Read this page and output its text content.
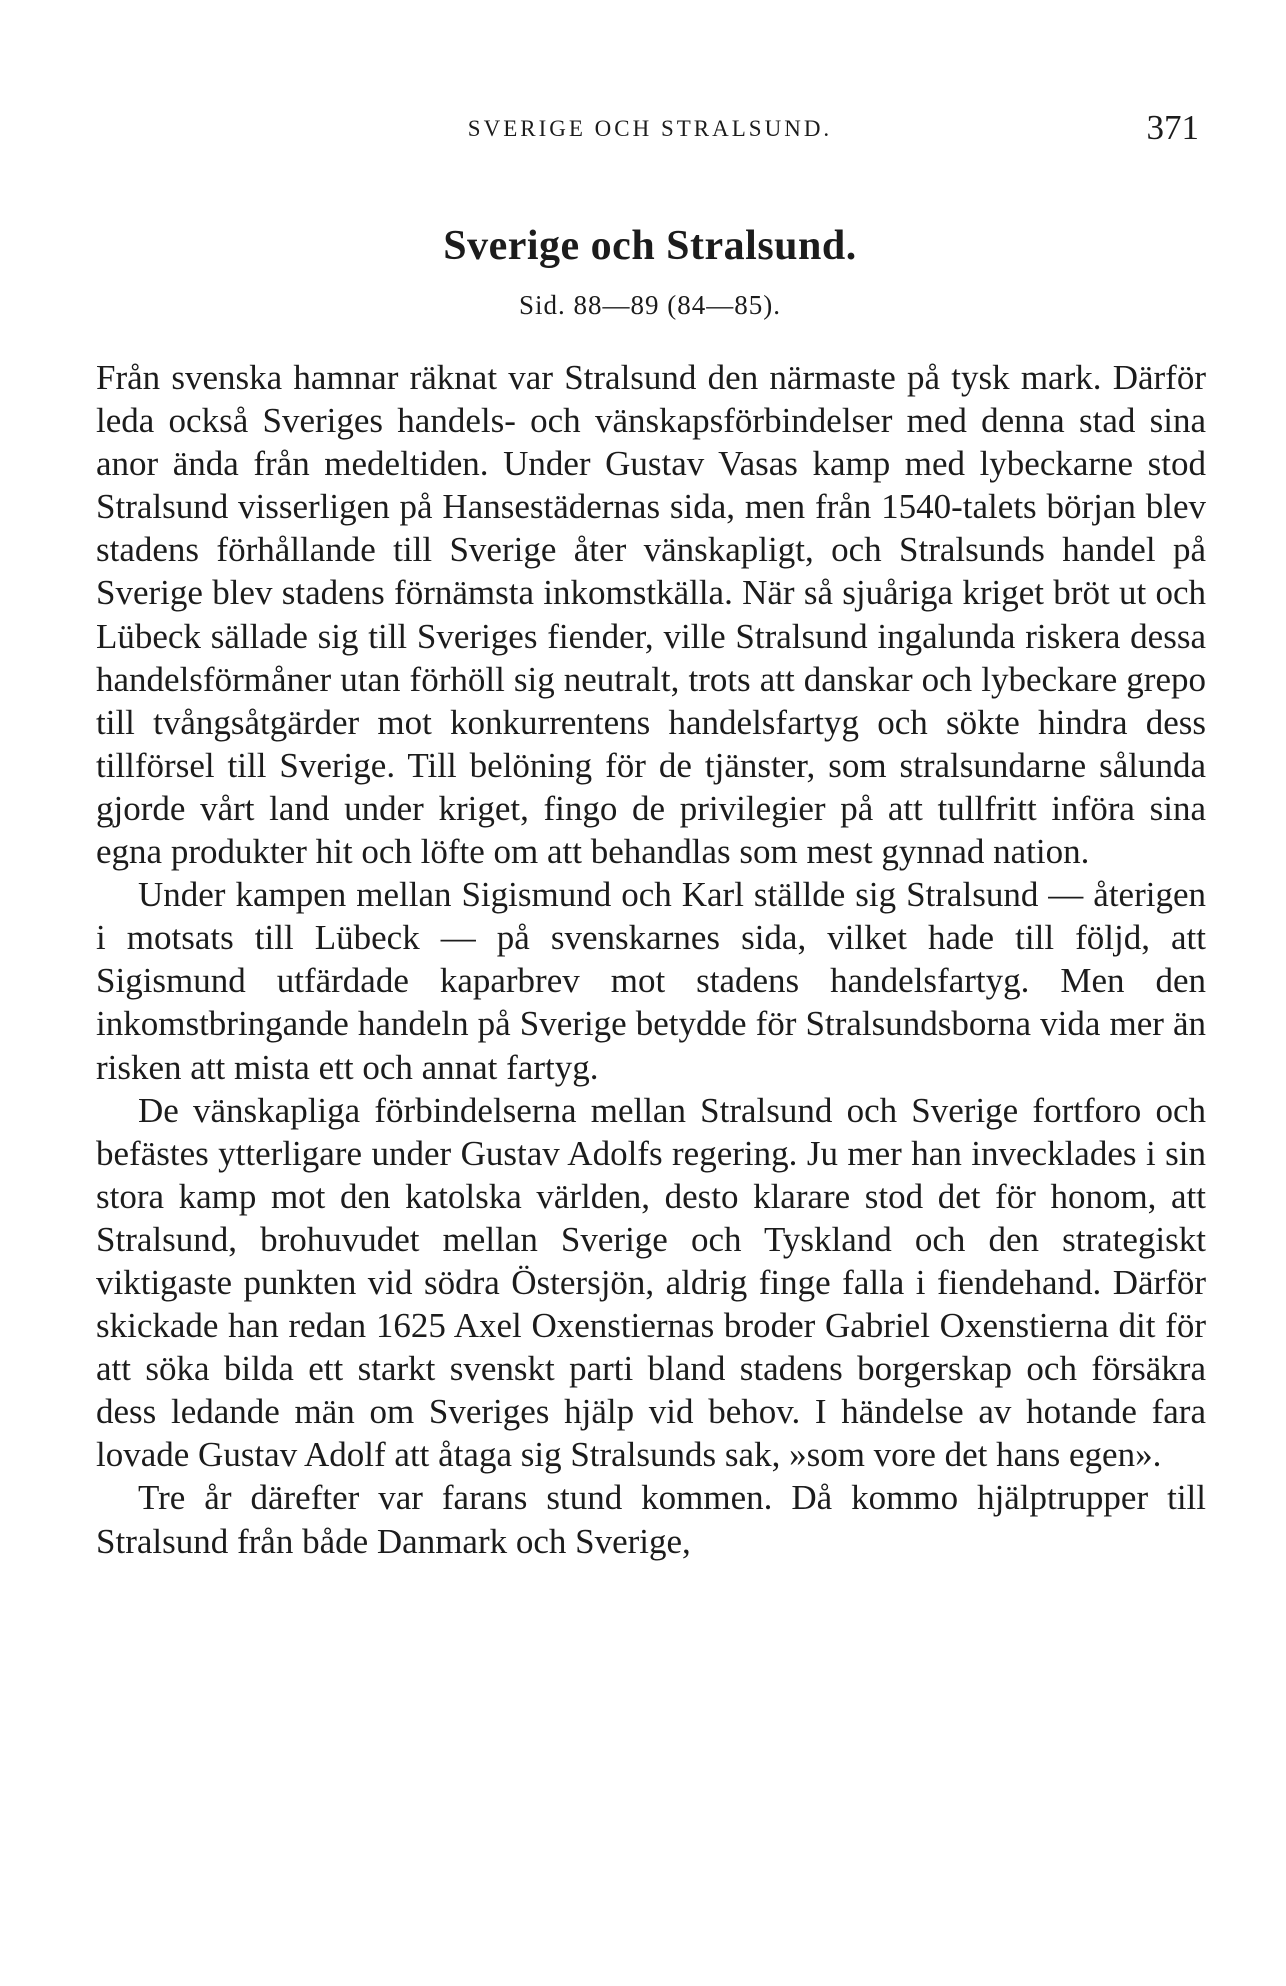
SVERIGE OCH STRALSUND.	371
Sverige och Stralsund.
Sid. 88—89 (84—85).

Från svenska hamnar räknat var Stralsund den närmaste på tysk mark. Därför leda också Sveriges handels- och vänskapsförbindelser med denna stad sina anor ända från medeltiden. Under Gustav Vasas kamp med lybeckarne stod Stralsund visserligen på Hansestädernas sida, men från 1540-talets början blev stadens förhållande till Sverige åter vänskapligt, och Stralsunds handel på Sverige blev stadens förnämsta inkomstkälla. När så sjuåriga kriget bröt ut och Lübeck sällade sig till Sveriges fiender, ville Stralsund ingalunda riskera dessa handelsförmåner utan förhöll sig neutralt, trots att danskar och lybeckare grepo till tvångsåtgärder mot konkurrentens handelsfartyg och sökte hindra dess tillförsel till Sverige. Till belöning för de tjänster, som stralsundarne sålunda gjorde vårt land under kriget, fingo de privilegier på att tullfritt införa sina egna produkter hit och löfte om att behandlas som mest gynnad nation.

Under kampen mellan Sigismund och Karl ställde sig Stralsund — återigen i motsats till Lübeck — på svenskarnes sida, vilket hade till följd, att Sigismund utfärdade kaparbrev mot stadens handelsfartyg. Men den inkomstbringande handeln på Sverige betydde för Stralsundsborna vida mer än risken att mista ett och annat fartyg.

De vänskapliga förbindelserna mellan Stralsund och Sverige fortforo och befästes ytterligare under Gustav Adolfs regering. Ju mer han invecklades i sin stora kamp mot den katolska världen, desto klarare stod det för honom, att Stralsund, brohuvudet mellan Sverige och Tyskland och den strategiskt viktigaste punkten vid södra Östersjön, aldrig finge falla i fiendehand. Därför skickade han redan 1625 Axel Oxenstiernas broder Gabriel Oxenstierna dit för att söka bilda ett starkt svenskt parti bland stadens borgerskap och försäkra dess ledande män om Sveriges hjälp vid behov. I händelse av hotande fara lovade Gustav Adolf att åtaga sig Stralsunds sak, »som vore det hans egen».

Tre år därefter var farans stund kommen. Då kommo hjälptrupper till Stralsund från både Danmark och Sverige,
